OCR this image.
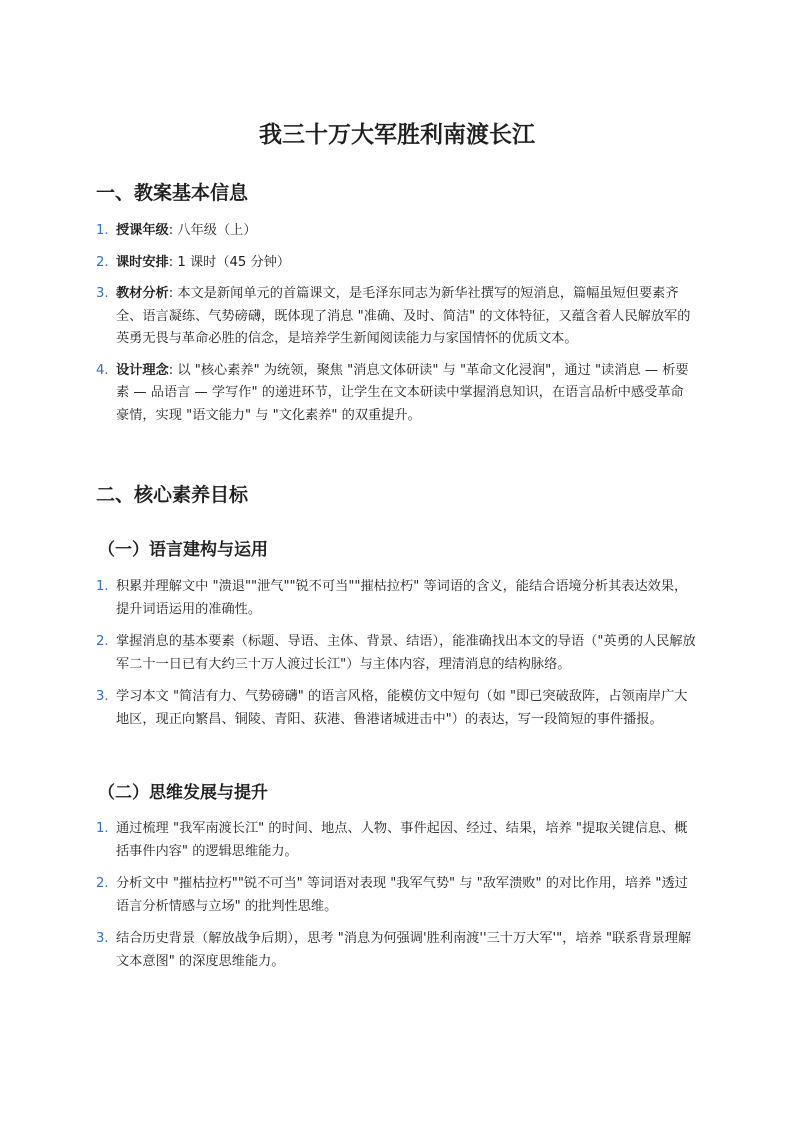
我三十万大军胜利南渡长江
一、教案基本信息
1. 授课年级: 八年级（上）
2. 课时安排: 1 课时（45 分钟）
3. 教材分析: 本文是新闻单元的首篇课文，是毛泽东同志为新华社撰写的短消息，篇幅虽短但要素齐全、语言凝练、气势磅礴，既体现了消息 "准确、及时、简洁" 的文体特征，又蕴含着人民解放军的英勇无畏与革命必胜的信念，是培养学生新闻阅读能力与家国情怀的优质文本。
4. 设计理念: 以 "核心素养" 为统领，聚焦 "消息文体研读" 与 "革命文化浸润"，通过 "读消息 — 析要素 — 品语言 — 学写作" 的递进环节，让学生在文本研读中掌握消息知识，在语言品析中感受革命豪情，实现 "语文能力" 与 "文化素养" 的双重提升。
二、核心素养目标
（一）语言建构与运用
1. 积累并理解文中 "溃退""泄气""锐不可当""摧枯拉朽" 等词语的含义，能结合语境分析其表达效果，提升词语运用的准确性。
2. 掌握消息的基本要素（标题、导语、主体、背景、结语），能准确找出本文的导语（"英勇的人民解放军二十一日已有大约三十万人渡过长江"）与主体内容，理清消息的结构脉络。
3. 学习本文 "简洁有力、气势磅礴" 的语言风格，能模仿文中短句（如 "即已突破敌阵，占领南岸广大地区，现正向繁昌、铜陵、青阳、荻港、鲁港诸城进击中"）的表达，写一段简短的事件播报。
（二）思维发展与提升
1. 通过梳理 "我军南渡长江" 的时间、地点、人物、事件起因、经过、结果，培养 "提取关键信息、概括事件内容" 的逻辑思维能力。
2. 分析文中 "摧枯拉朽""锐不可当" 等词语对表现 "我军气势" 与 "敌军溃败" 的对比作用，培养 "透过语言分析情感与立场" 的批判性思维。
3. 结合历史背景（解放战争后期），思考 "消息为何强调'胜利南渡''三十万大军'"，培养 "联系背景理解文本意图" 的深度思维能力。
